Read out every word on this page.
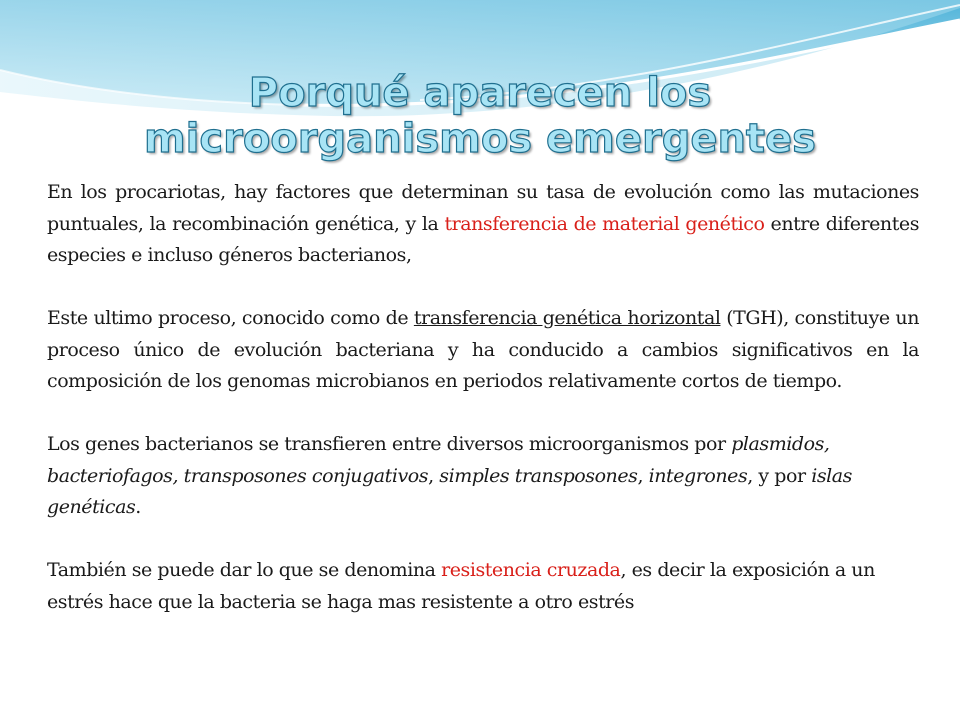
Porqué aparecen los microorganismos emergentes

En los procariotas, hay factores que determinan su tasa de evolución como las mutaciones puntuales, la recombinación genética, y la transferencia de material genético entre diferentes especies e incluso géneros bacterianos,

Este ultimo proceso, conocido como de transferencia genética horizontal (TGH), constituye un proceso único de evolución bacteriana y ha conducido a cambios significativos en la composición de los genomas microbianos en periodos relativamente cortos de tiempo.

Los genes bacterianos se transfieren entre diversos microorganismos por plasmidos, bacteriofagos, transposones conjugativos, simples transposones, integrones, y por islas genéticas.

También se puede dar lo que se denomina resistencia cruzada, es decir la exposición a un estrés hace que la bacteria se haga mas resistente a otro estrés
